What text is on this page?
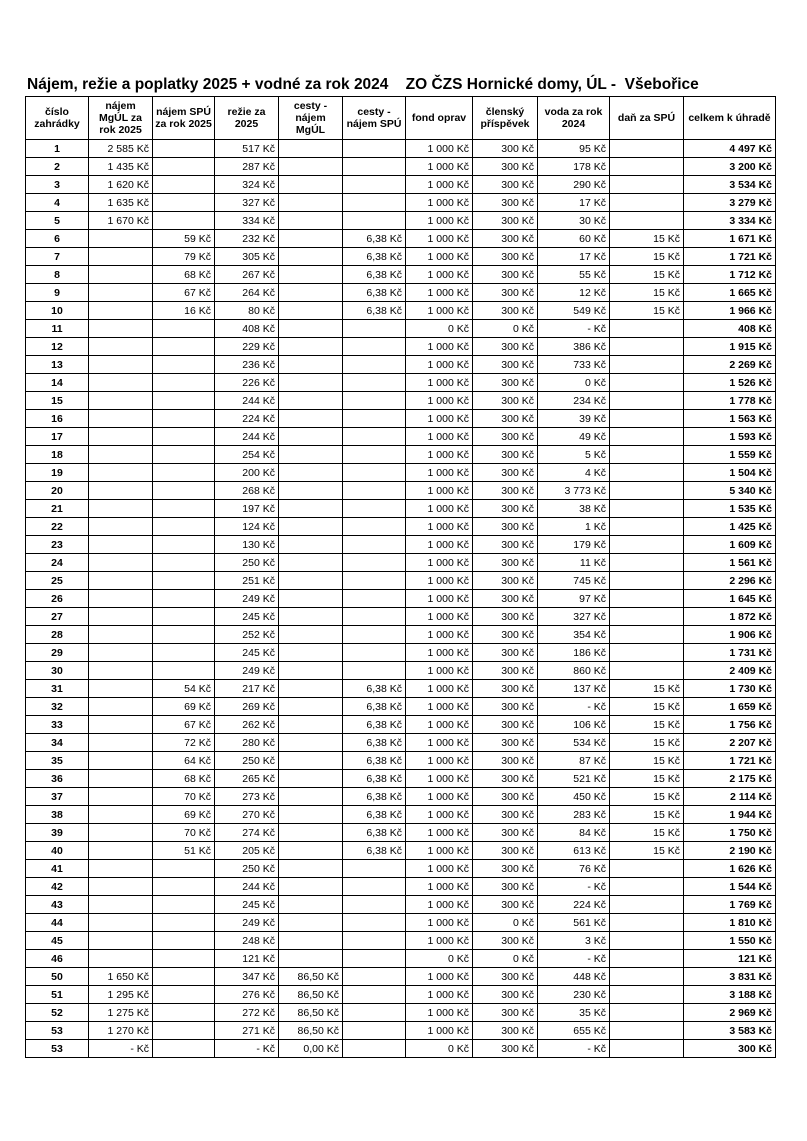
Nájem, režie a poplatky 2025 + vodné za rok 2024    ZO ČZS Hornické domy, ÚL -  Všebořice
číslo zahrádky	nájem MgÚL za rok 2025	nájem SPÚ za rok 2025	režie za 2025	cesty - nájem MgÚL	cesty - nájem SPÚ	fond oprav	členský příspěvek	voda za rok 2024	daň za SPÚ	celkem k úhradě
1	2 585 Kč		517 Kč			1 000 Kč	300 Kč	95 Kč		4 497 Kč
2	1 435 Kč		287 Kč			1 000 Kč	300 Kč	178 Kč		3 200 Kč
3	1 620 Kč		324 Kč			1 000 Kč	300 Kč	290 Kč		3 534 Kč
4	1 635 Kč		327 Kč			1 000 Kč	300 Kč	17 Kč		3 279 Kč
5	1 670 Kč		334 Kč			1 000 Kč	300 Kč	30 Kč		3 334 Kč
6		59 Kč	232 Kč		6,38 Kč	1 000 Kč	300 Kč	60 Kč	15 Kč	1 671 Kč
7		79 Kč	305 Kč		6,38 Kč	1 000 Kč	300 Kč	17 Kč	15 Kč	1 721 Kč
8		68 Kč	267 Kč		6,38 Kč	1 000 Kč	300 Kč	55 Kč	15 Kč	1 712 Kč
9		67 Kč	264 Kč		6,38 Kč	1 000 Kč	300 Kč	12 Kč	15 Kč	1 665 Kč
10		16 Kč	80 Kč		6,38 Kč	1 000 Kč	300 Kč	549 Kč	15 Kč	1 966 Kč
11			408 Kč			0 Kč	0 Kč	- Kč		408 Kč
12			229 Kč			1 000 Kč	300 Kč	386 Kč		1 915 Kč
13			236 Kč			1 000 Kč	300 Kč	733 Kč		2 269 Kč
14			226 Kč			1 000 Kč	300 Kč	0 Kč		1 526 Kč
15			244 Kč			1 000 Kč	300 Kč	234 Kč		1 778 Kč
16			224 Kč			1 000 Kč	300 Kč	39 Kč		1 563 Kč
17			244 Kč			1 000 Kč	300 Kč	49 Kč		1 593 Kč
18			254 Kč			1 000 Kč	300 Kč	5 Kč		1 559 Kč
19			200 Kč			1 000 Kč	300 Kč	4 Kč		1 504 Kč
20			268 Kč			1 000 Kč	300 Kč	3 773 Kč		5 340 Kč
21			197 Kč			1 000 Kč	300 Kč	38 Kč		1 535 Kč
22			124 Kč			1 000 Kč	300 Kč	1 Kč		1 425 Kč
23			130 Kč			1 000 Kč	300 Kč	179 Kč		1 609 Kč
24			250 Kč			1 000 Kč	300 Kč	11 Kč		1 561 Kč
25			251 Kč			1 000 Kč	300 Kč	745 Kč		2 296 Kč
26			249 Kč			1 000 Kč	300 Kč	97 Kč		1 645 Kč
27			245 Kč			1 000 Kč	300 Kč	327 Kč		1 872 Kč
28			252 Kč			1 000 Kč	300 Kč	354 Kč		1 906 Kč
29			245 Kč			1 000 Kč	300 Kč	186 Kč		1 731 Kč
30			249 Kč			1 000 Kč	300 Kč	860 Kč		2 409 Kč
31		54 Kč	217 Kč		6,38 Kč	1 000 Kč	300 Kč	137 Kč	15 Kč	1 730 Kč
32		69 Kč	269 Kč		6,38 Kč	1 000 Kč	300 Kč	- Kč	15 Kč	1 659 Kč
33		67 Kč	262 Kč		6,38 Kč	1 000 Kč	300 Kč	106 Kč	15 Kč	1 756 Kč
34		72 Kč	280 Kč		6,38 Kč	1 000 Kč	300 Kč	534 Kč	15 Kč	2 207 Kč
35		64 Kč	250 Kč		6,38 Kč	1 000 Kč	300 Kč	87 Kč	15 Kč	1 721 Kč
36		68 Kč	265 Kč		6,38 Kč	1 000 Kč	300 Kč	521 Kč	15 Kč	2 175 Kč
37		70 Kč	273 Kč		6,38 Kč	1 000 Kč	300 Kč	450 Kč	15 Kč	2 114 Kč
38		69 Kč	270 Kč		6,38 Kč	1 000 Kč	300 Kč	283 Kč	15 Kč	1 944 Kč
39		70 Kč	274 Kč		6,38 Kč	1 000 Kč	300 Kč	84 Kč	15 Kč	1 750 Kč
40		51 Kč	205 Kč		6,38 Kč	1 000 Kč	300 Kč	613 Kč	15 Kč	2 190 Kč
41			250 Kč			1 000 Kč	300 Kč	76 Kč		1 626 Kč
42			244 Kč			1 000 Kč	300 Kč	- Kč		1 544 Kč
43			245 Kč			1 000 Kč	300 Kč	224 Kč		1 769 Kč
44			249 Kč			1 000 Kč	0 Kč	561 Kč		1 810 Kč
45			248 Kč			1 000 Kč	300 Kč	3 Kč		1 550 Kč
46			121 Kč			0 Kč	0 Kč	- Kč		121 Kč
50	1 650 Kč		347 Kč	86,50 Kč		1 000 Kč	300 Kč	448 Kč		3 831 Kč
51	1 295 Kč		276 Kč	86,50 Kč		1 000 Kč	300 Kč	230 Kč		3 188 Kč
52	1 275 Kč		272 Kč	86,50 Kč		1 000 Kč	300 Kč	35 Kč		2 969 Kč
53	1 270 Kč		271 Kč	86,50 Kč		1 000 Kč	300 Kč	655 Kč		3 583 Kč
53	- Kč		- Kč	0,00 Kč		0 Kč	300 Kč	- Kč		300 Kč
